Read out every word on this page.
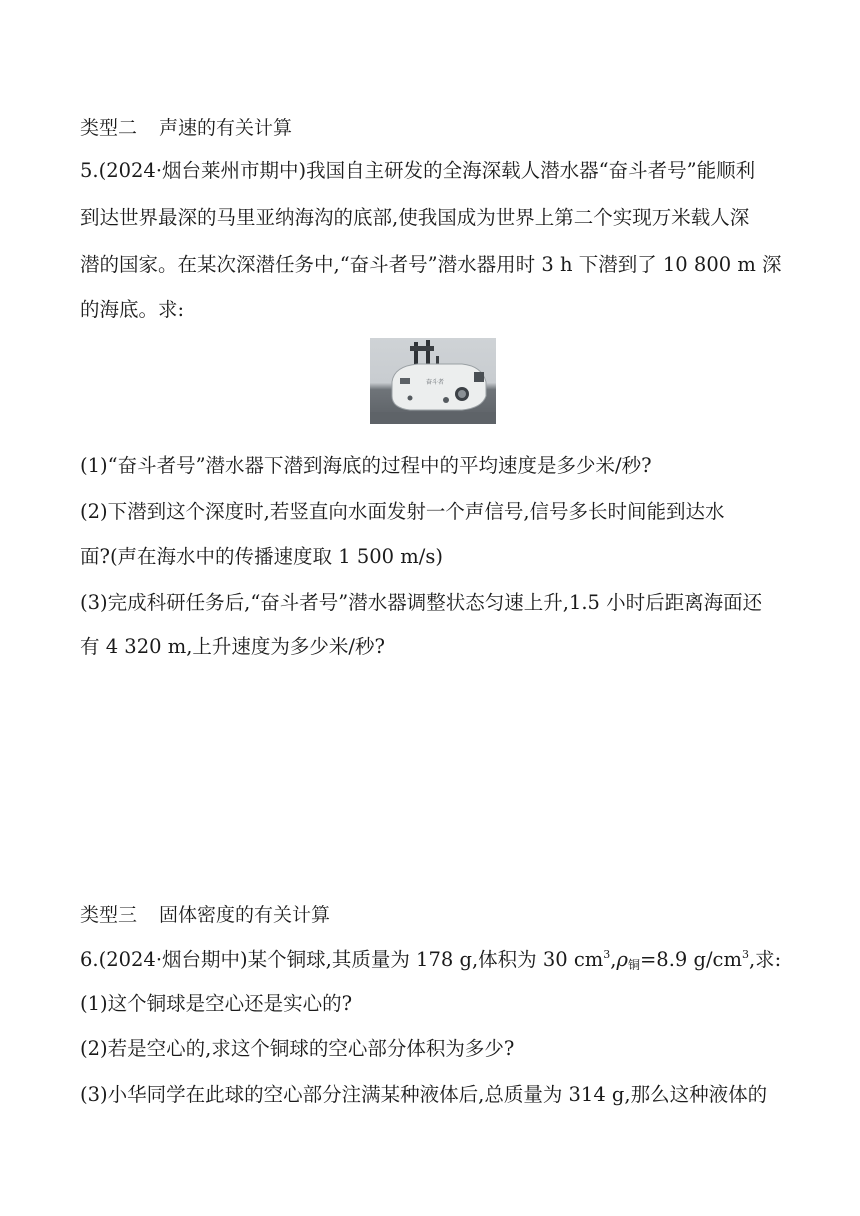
类型二 声速的有关计算
5.(2024·烟台莱州市期中)我国自主研发的全海深载人潜水器“奋斗者号”能顺利
到达世界最深的马里亚纳海沟的底部,使我国成为世界上第二个实现万米载人深
潜的国家。在某次深潜任务中,“奋斗者号”潜水器用时 3 h 下潜到了 10 800 m 深
的海底。求:
奋斗者
(1)“奋斗者号”潜水器下潜到海底的过程中的平均速度是多少米/秒?
(2)下潜到这个深度时,若竖直向水面发射一个声信号,信号多长时间能到达水
面?(声在海水中的传播速度取 1 500 m/s)
(3)完成科研任务后,“奋斗者号”潜水器调整状态匀速上升,1.5 小时后距离海面还
有 4 320 m,上升速度为多少米/秒?
类型三 固体密度的有关计算
6.(2024·烟台期中)某个铜球,其质量为 178 g,体积为 30 $cm^3,\rho_铜=8.9$ $g/cm^3$,求:
(1)这个铜球是空心还是实心的?
(2)若是空心的,求这个铜球的空心部分体积为多少?
(3)小华同学在此球的空心部分注满某种液体后,总质量为 314 g,那么这种液体的
